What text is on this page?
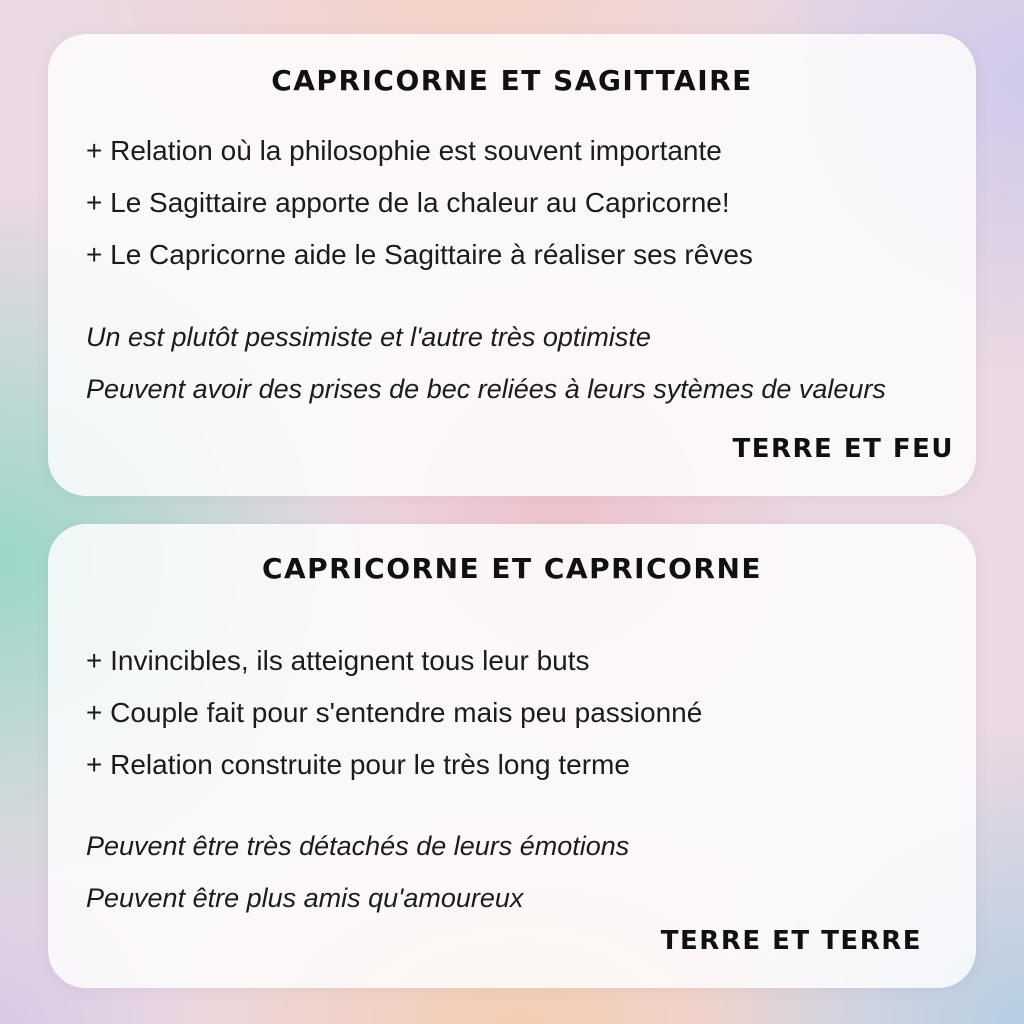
CAPRICORNE ET SAGITTAIRE
+ Relation où la philosophie est souvent importante
+ Le Sagittaire apporte de la chaleur au Capricorne!
+ Le Capricorne aide le Sagittaire à réaliser ses rêves
Un est plutôt pessimiste et l'autre très optimiste
Peuvent avoir des prises de bec reliées à leurs sytèmes de valeurs

TERRE ET FEU

CAPRICORNE ET CAPRICORNE
+ Invincibles, ils atteignent tous leur buts
+ Couple fait pour s'entendre mais peu passionné
+ Relation construite pour le très long terme
Peuvent être très détachés de leurs émotions
Peuvent être plus amis qu'amoureux

TERRE ET TERRE
